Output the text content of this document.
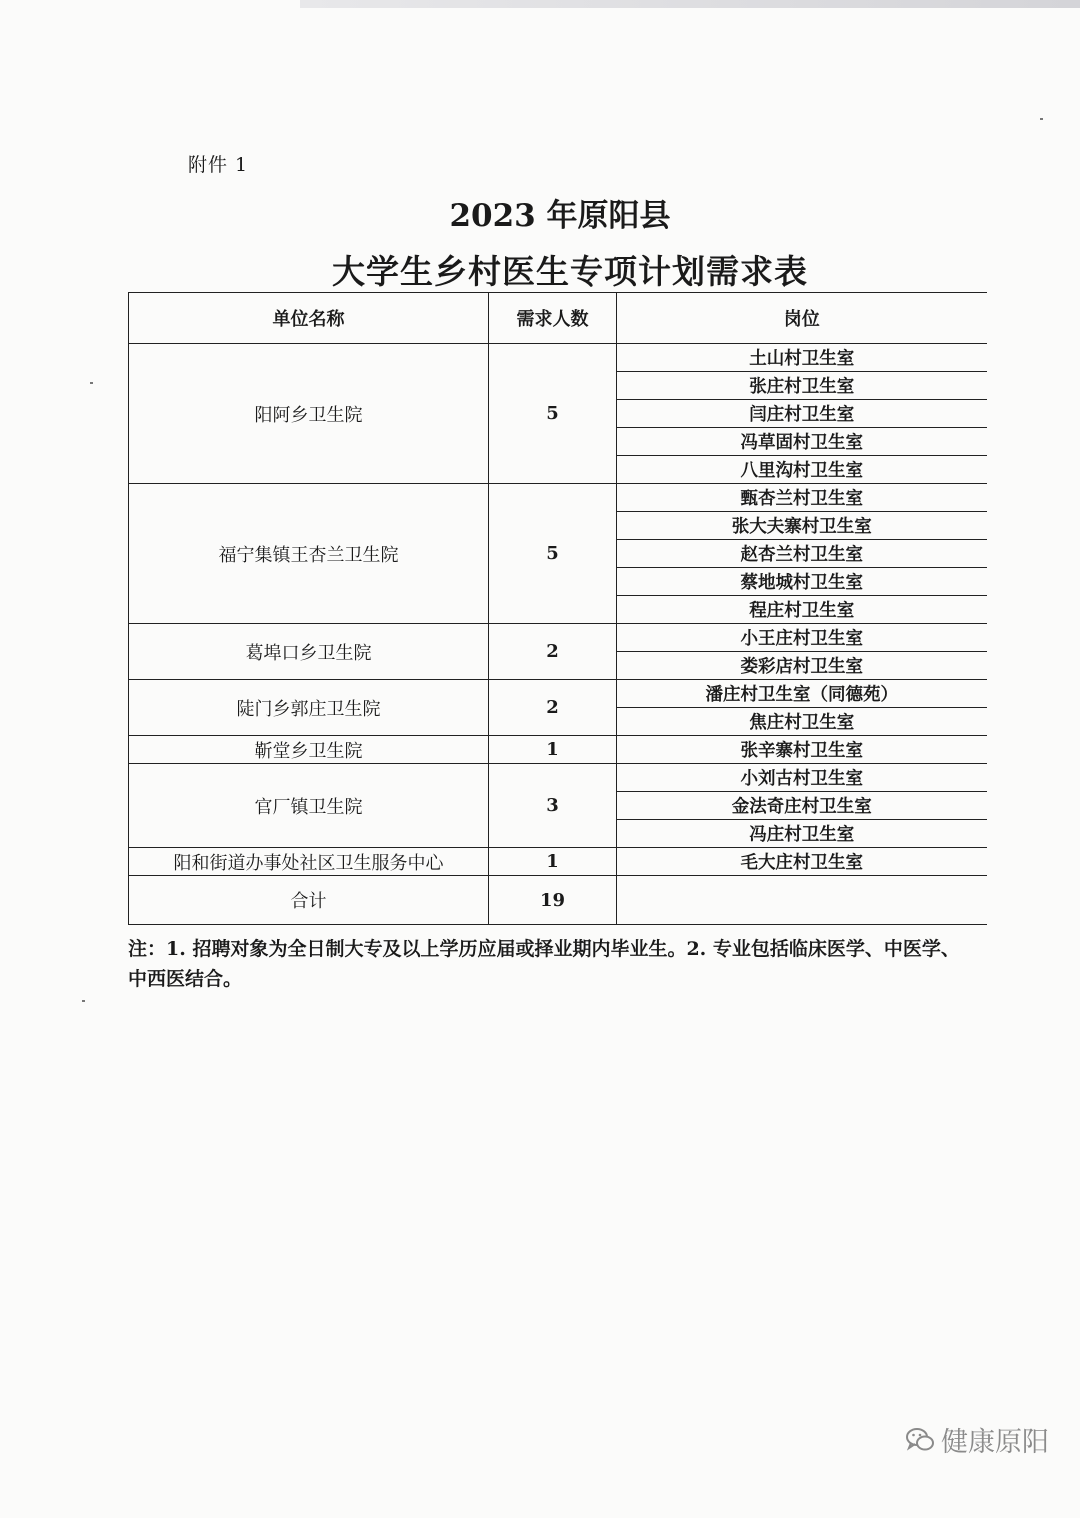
附件 1
2023 年原阳县
大学生乡村医生专项计划需求表
单位名称	需求人数	岗位
阳阿乡卫生院	5	土山村卫生室
		张庄村卫生室
		闫庄村卫生室
		冯草固村卫生室
		八里沟村卫生室
福宁集镇王杏兰卫生院	5	甄杏兰村卫生室
		张大夫寨村卫生室
		赵杏兰村卫生室
		蔡地城村卫生室
		程庄村卫生室
葛埠口乡卫生院	2	小王庄村卫生室
		娄彩店村卫生室
陡门乡郭庄卫生院	2	潘庄村卫生室（同德苑）
		焦庄村卫生室
靳堂乡卫生院	1	张辛寨村卫生室
官厂镇卫生院	3	小刘古村卫生室
		金法奇庄村卫生室
		冯庄村卫生室
阳和街道办事处社区卫生服务中心	1	毛大庄村卫生室
合计	19	
注：1. 招聘对象为全日制大专及以上学历应届或择业期内毕业生。2. 专业包括临床医学、中医学、中西医结合。
健康原阳
